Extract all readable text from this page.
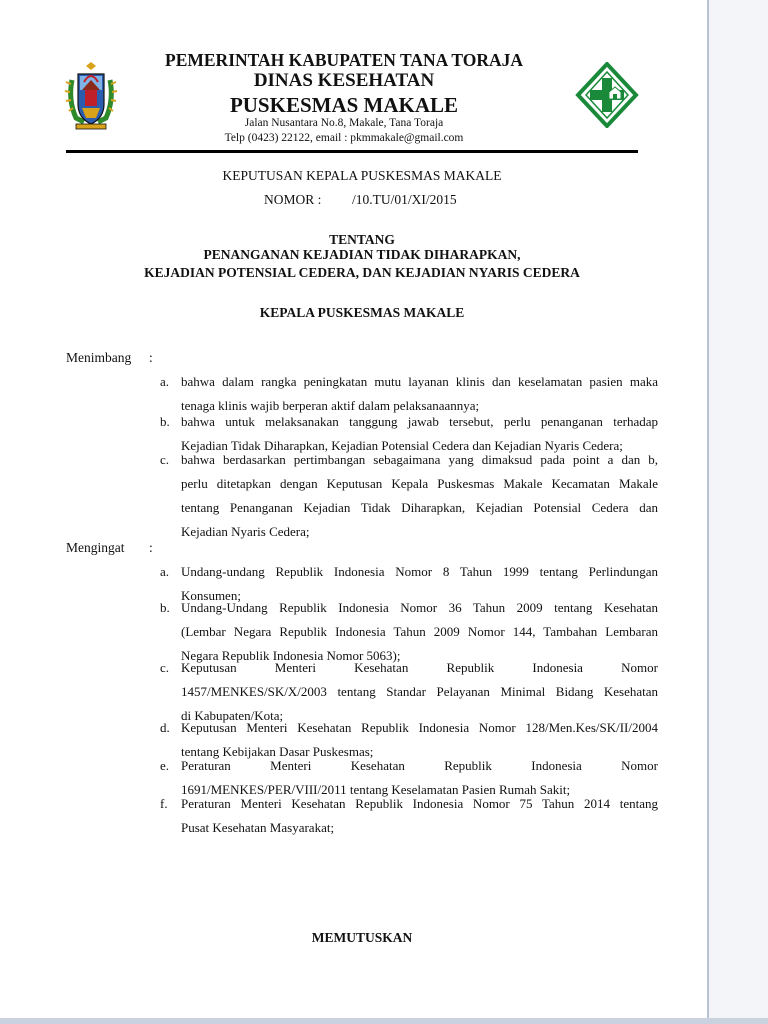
PEMERINTAH KABUPATEN TANA TORAJA
DINAS KESEHATAN
PUSKESMAS MAKALE
Jalan Nusantara No.8, Makale, Tana Toraja
Telp (0423) 22122, email : pkmmakale@gmail.com
KEPUTUSAN KEPALA PUSKESMAS MAKALE
NOMOR : /10.TU/01/XI/2015
TENTANG
PENANGANAN KEJADIAN TIDAK DIHARAPKAN,
KEJADIAN POTENSIAL CEDERA, DAN KEJADIAN NYARIS CEDERA
KEPALA PUSKESMAS MAKALE
Menimbang :
a. bahwa dalam rangka peningkatan mutu layanan klinis dan keselamatan pasien maka
tenaga klinis wajib berperan aktif dalam pelaksanaannya;
b. bahwa untuk melaksanakan tanggung jawab tersebut, perlu penanganan terhadap
Kejadian Tidak Diharapkan, Kejadian Potensial Cedera dan Kejadian Nyaris Cedera;
c. bahwa berdasarkan pertimbangan sebagaimana yang dimaksud pada point a dan b,
perlu ditetapkan dengan Keputusan Kepala Puskesmas Makale Kecamatan Makale
tentang Penanganan Kejadian Tidak Diharapkan, Kejadian Potensial Cedera dan
Kejadian Nyaris Cedera;
Mengingat :
a. Undang-undang Republik Indonesia Nomor 8 Tahun 1999 tentang Perlindungan
Konsumen;
b. Undang-Undang Republik Indonesia Nomor 36 Tahun 2009 tentang Kesehatan
(Lembar Negara Republik Indonesia Tahun 2009 Nomor 144, Tambahan Lembaran
Negara Republik Indonesia Nomor 5063);
c. Keputusan Menteri Kesehatan Republik Indonesia Nomor
1457/MENKES/SK/X/2003 tentang Standar Pelayanan Minimal Bidang Kesehatan
di Kabupaten/Kota;
d. Keputusan Menteri Kesehatan Republik Indonesia Nomor 128/Men.Kes/SK/II/2004
tentang Kebijakan Dasar Puskesmas;
e. Peraturan Menteri Kesehatan Republik Indonesia Nomor
1691/MENKES/PER/VIII/2011 tentang Keselamatan Pasien Rumah Sakit;
f.	Peraturan Menteri Kesehatan Republik Indonesia Nomor 75 Tahun 2014 tentang
Pusat Kesehatan Masyarakat;
MEMUTUSKAN
